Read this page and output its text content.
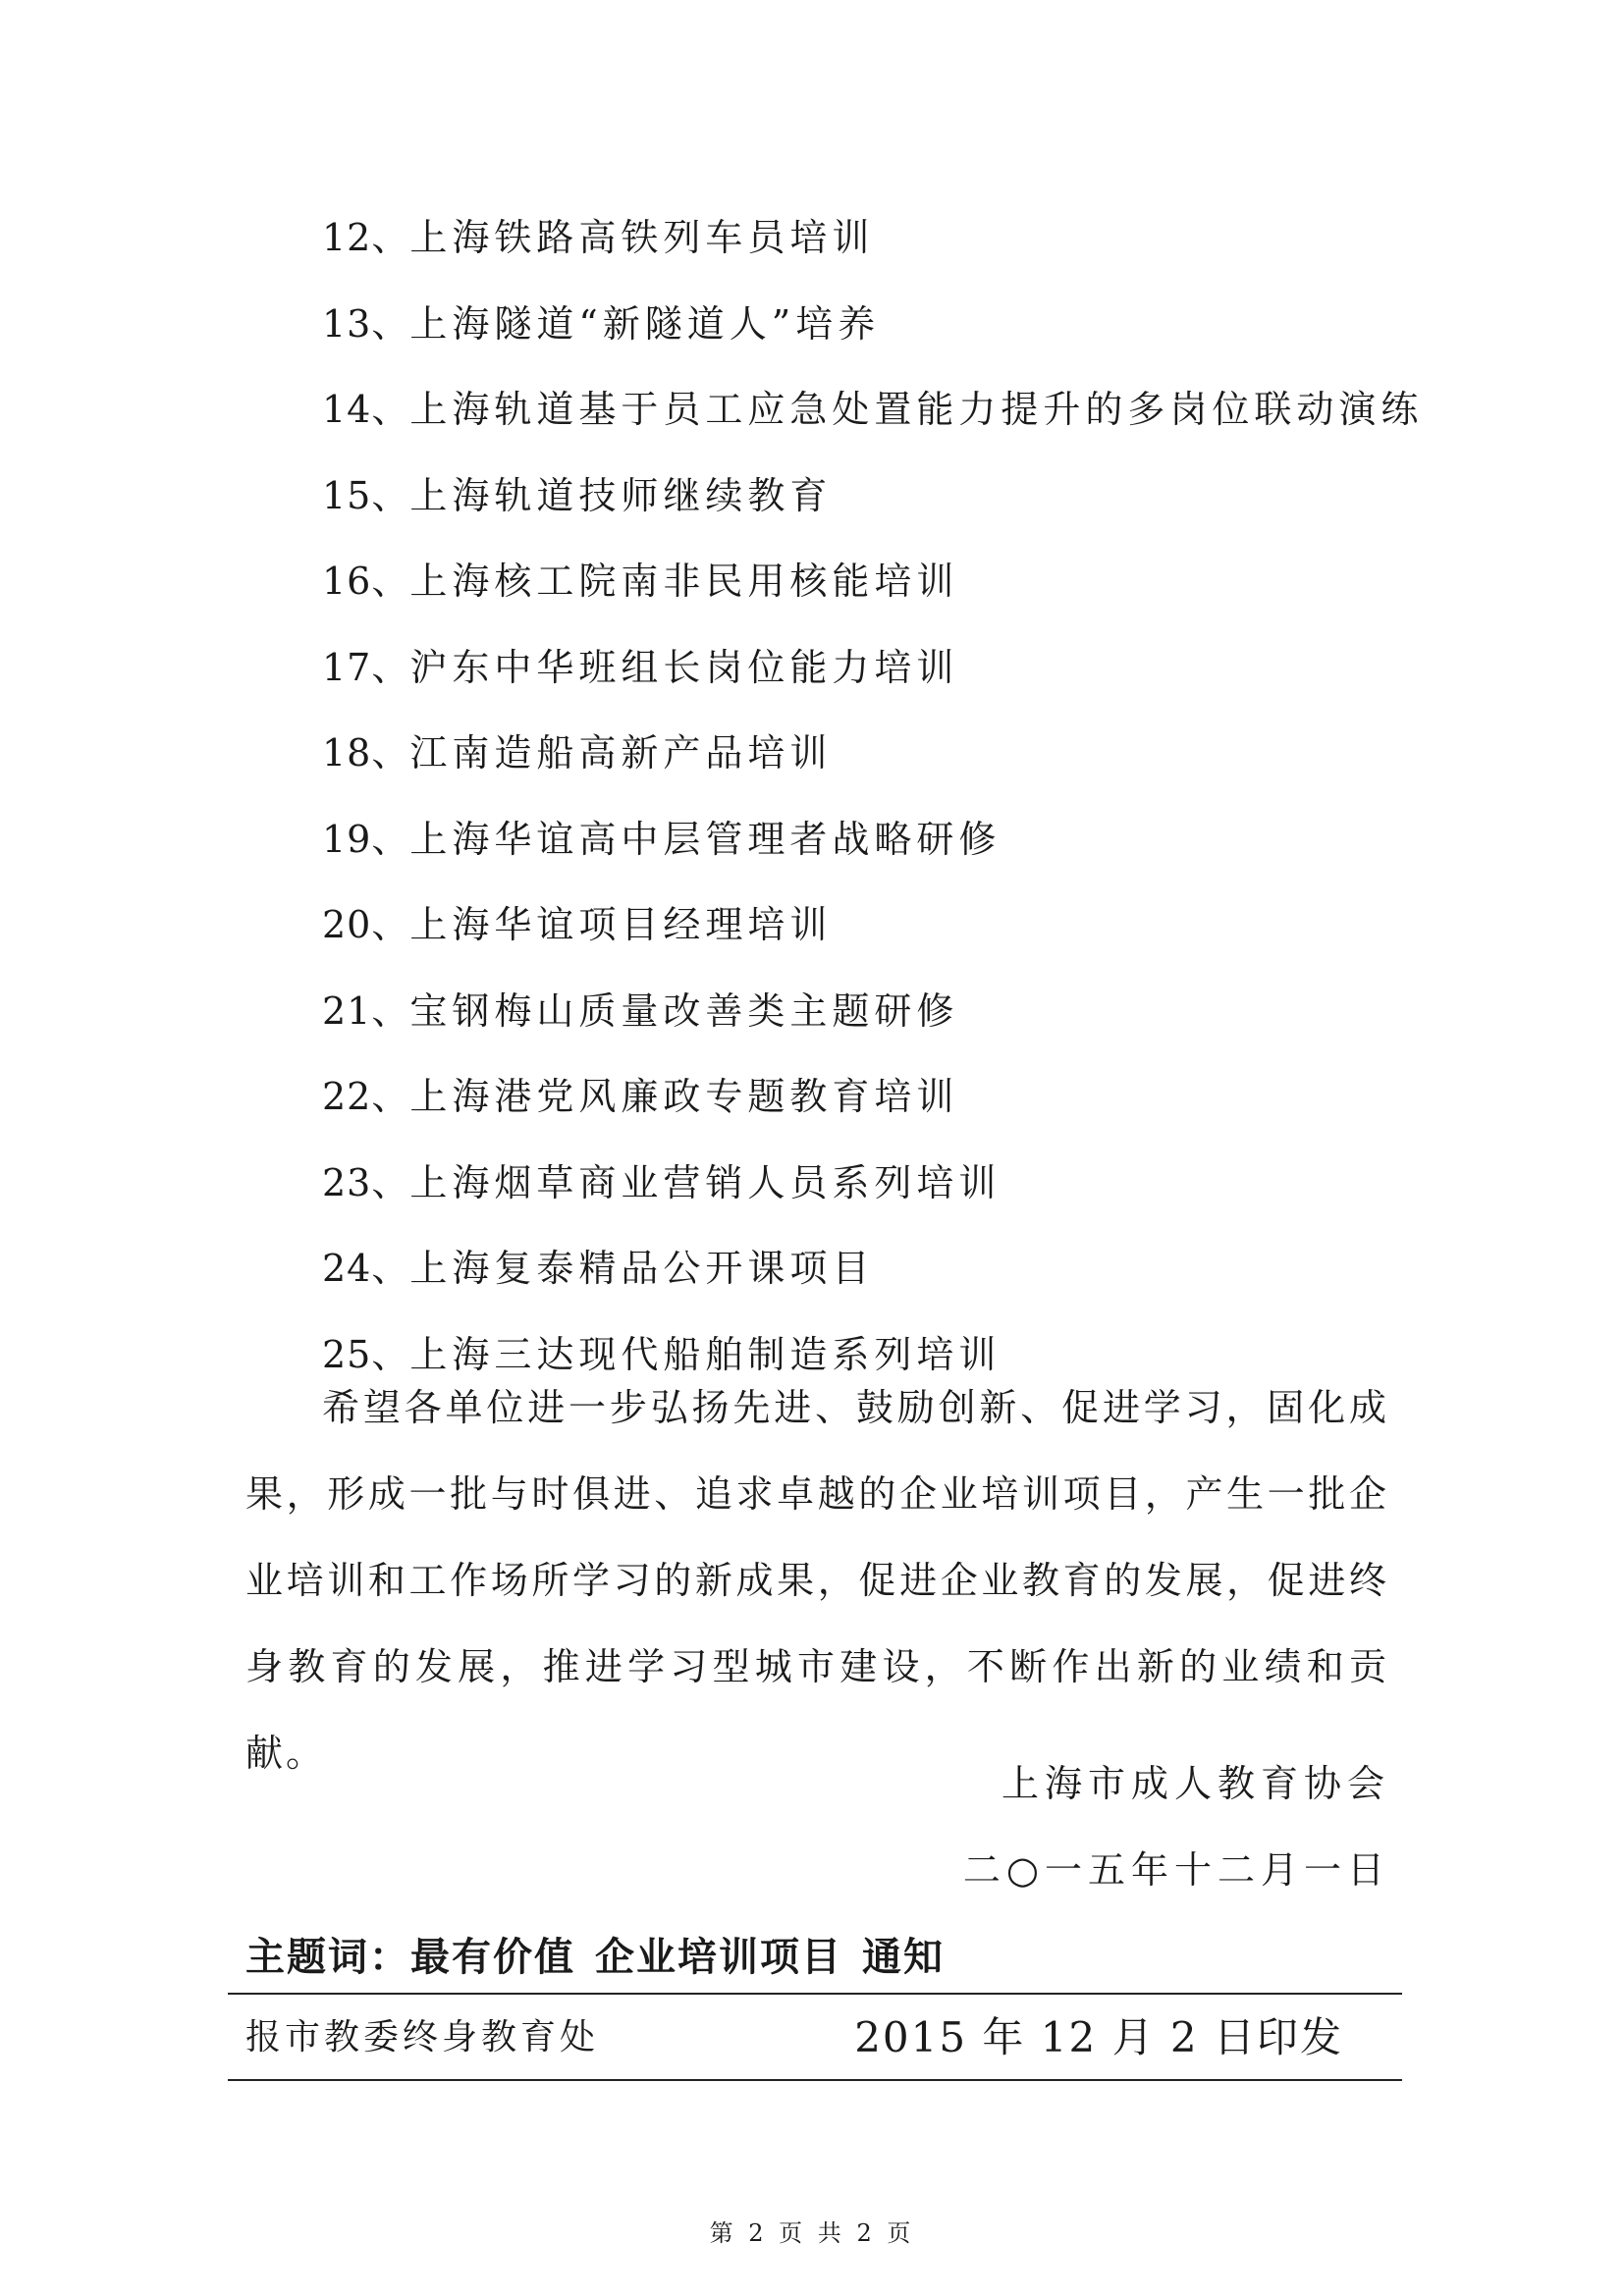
12、上海铁路高铁列车员培训
13、上海隧道“新隧道人”培养
14、上海轨道基于员工应急处置能力提升的多岗位联动演练
15、上海轨道技师继续教育
16、上海核工院南非民用核能培训
17、沪东中华班组长岗位能力培训
18、江南造船高新产品培训
19、上海华谊高中层管理者战略研修
20、上海华谊项目经理培训
21、宝钢梅山质量改善类主题研修
22、上海港党风廉政专题教育培训
23、上海烟草商业营销人员系列培训
24、上海复泰精品公开课项目
25、上海三达现代船舶制造系列培训

希望各单位进一步弘扬先进、鼓励创新、促进学习，固化成果，形成一批与时俱进、追求卓越的企业培训项目，产生一批企业培训和工作场所学习的新成果，促进企业教育的发展，促进终身教育的发展，推进学习型城市建设，不断作出新的业绩和贡献。

上海市成人教育协会
二○一五年十二月一日
主题词：最有价值 企业培训项目 通知
报市教委终身教育处	2015 年 12 月 2 日印发
第 2 页 共 2 页
